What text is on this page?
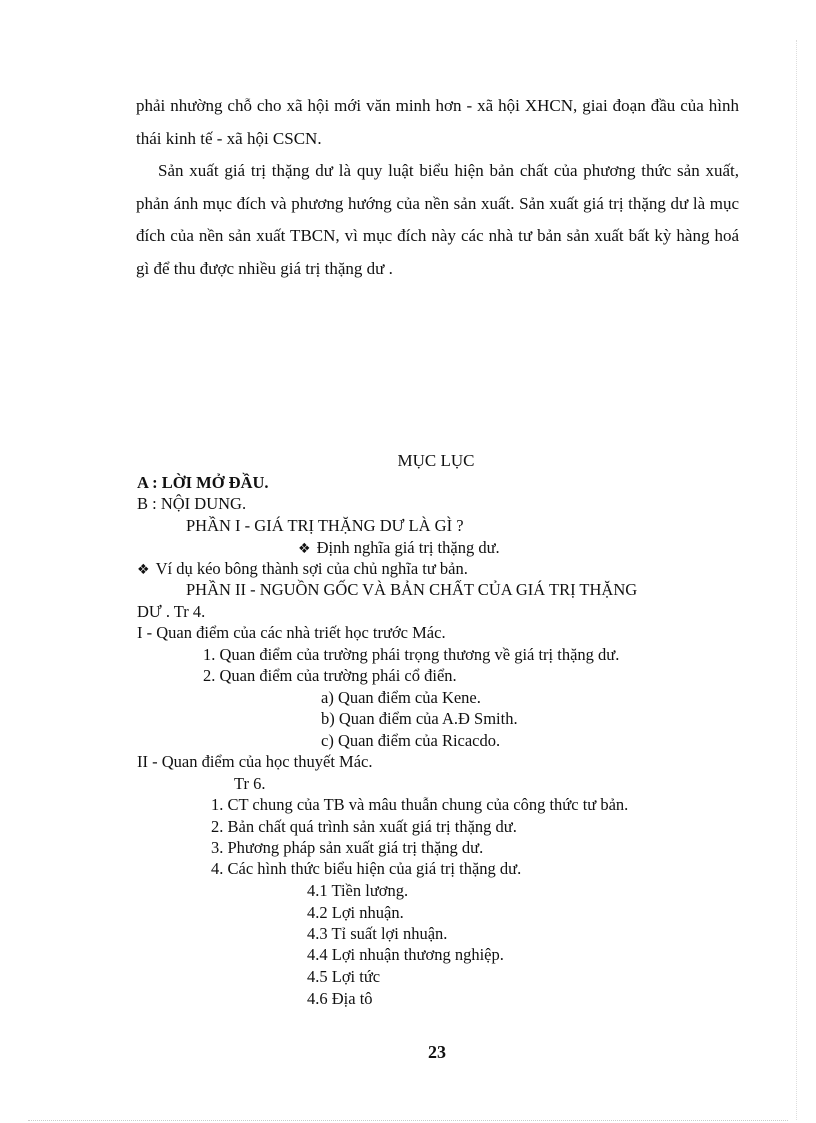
phải nhường chỗ cho xã hội mới văn minh hơn - xã hội XHCN, giai đoạn đầu của hình thái kinh tế - xã hội CSCN.

Sản xuất giá trị thặng dư là quy luật biểu hiện bản chất của phương thức sản xuất, phản ánh mục đích và phương hướng của nền sản xuất. Sản xuất giá trị thặng dư là mục đích của nền sản xuất TBCN, vì mục đích này các nhà tư bản sản xuất bất kỳ hàng hoá gì để thu được nhiều giá trị thặng dư .

MỤC LỤC
A : LỜI MỞ ĐẦU.
B : NỘI DUNG.
PHẦN I - GIÁ TRỊ THẶNG DƯ LÀ GÌ ?
❖ Định nghĩa giá trị thặng dư.
❖ Ví dụ kéo bông thành sợi của chủ nghĩa tư bản.
PHẦN II - NGUỒN GỐC VÀ BẢN CHẤT CỦA GIÁ TRỊ THẶNG
DƯ . Tr 4.
I - Quan điểm của các nhà triết học trước Mác.
1. Quan điểm của trường phái trọng thương về giá trị thặng dư.
2. Quan điểm của trường phái cổ điển.
a) Quan điểm của Kene.
b) Quan điểm của A.Đ Smith.
c) Quan điểm của Ricacdo.
II - Quan điểm của học thuyết Mác.
Tr 6.
1. CT chung của TB và mâu thuẫn chung của công thức tư bản.
2. Bản chất quá trình sản xuất giá trị thặng dư.
3. Phương pháp sản xuất giá trị thặng dư.
4. Các hình thức biểu hiện của giá trị thặng dư.
4.1 Tiền lương.
4.2 Lợi nhuận.
4.3 Tỉ suất lợi nhuận.
4.4 Lợi nhuận thương nghiệp.
4.5 Lợi tức
4.6 Địa tô
23
